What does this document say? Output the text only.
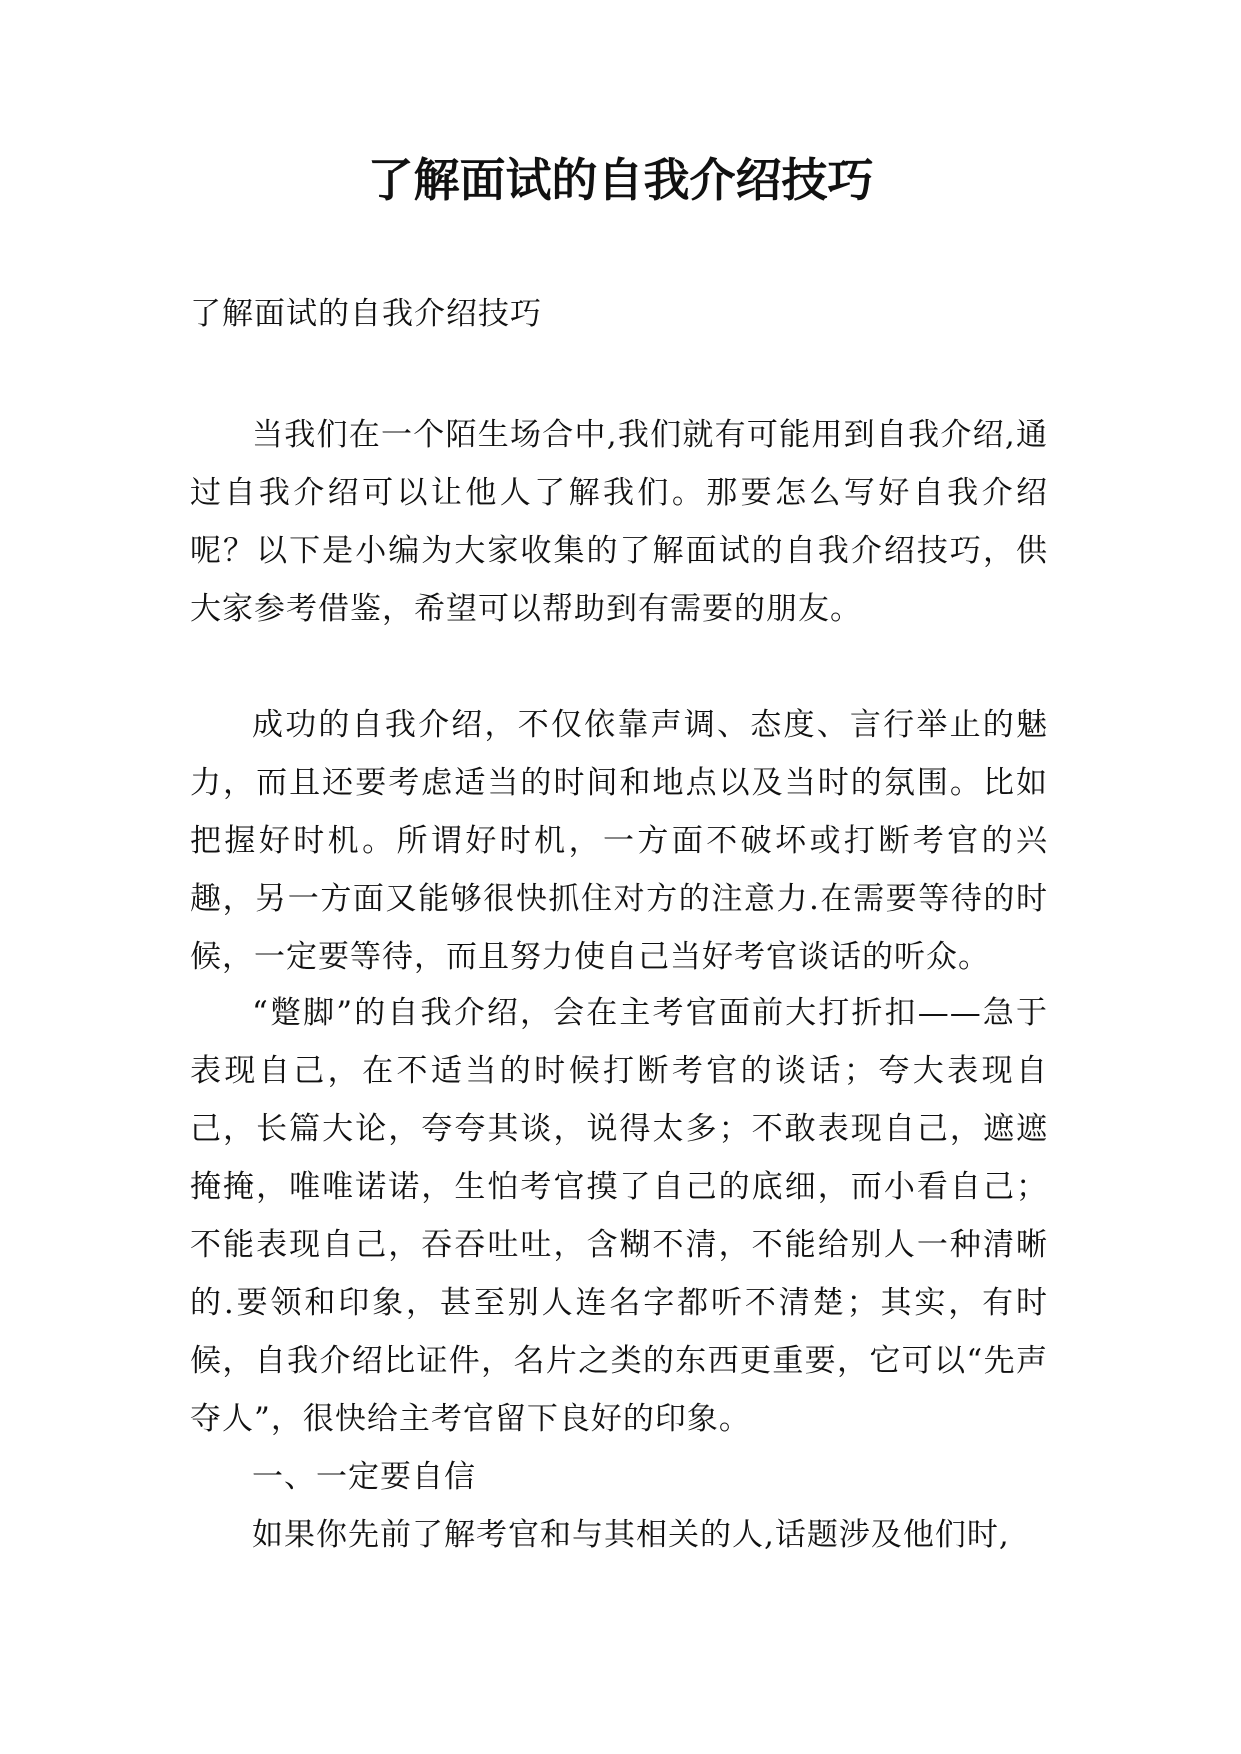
了解面试的自我介绍技巧

了解面试的自我介绍技巧

当我们在一个陌生场合中,我们就有可能用到自我介绍,通过自我介绍可以让他人了解我们。那要怎么写好自我介绍呢？以下是小编为大家收集的了解面试的自我介绍技巧，供大家参考借鉴，希望可以帮助到有需要的朋友。

成功的自我介绍，不仅依靠声调、态度、言行举止的魅力，而且还要考虑适当的时间和地点以及当时的氛围。比如把握好时机。所谓好时机，一方面不破坏或打断考官的兴趣，另一方面又能够很快抓住对方的注意力.在需要等待的时候，一定要等待，而且努力使自己当好考官谈话的听众。

“蹩脚”的自我介绍，会在主考官面前大打折扣——急于表现自己，在不适当的时候打断考官的谈话；夸大表现自己，长篇大论，夸夸其谈，说得太多；不敢表现自己，遮遮掩掩，唯唯诺诺，生怕考官摸了自己的底细，而小看自己；不能表现自己，吞吞吐吐，含糊不清，不能给别人一种清晰的.要领和印象，甚至别人连名字都听不清楚；其实，有时候，自我介绍比证件，名片之类的东西更重要，它可以“先声夺人”，很快给主考官留下良好的印象。

一、一定要自信

如果你先前了解考官和与其相关的人,话题涉及他们时,
